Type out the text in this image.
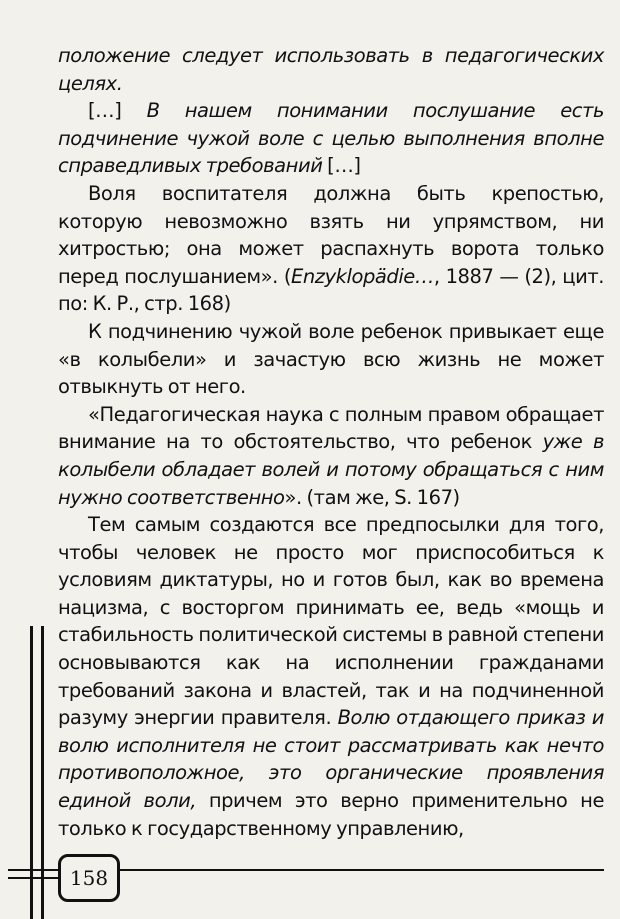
положение следует использовать в педагогических целях.

[…] В нашем понимании послушание есть подчинение чужой воле с целью выполнения вполне справедливых требований […]

Воля воспитателя должна быть крепостью, которую невозможно взять ни упрямством, ни хитростью; она может распахнуть ворота только перед послушанием». (Enzyklopädie…, 1887 — (2), цит. по: К. Р., стр. 168)

К подчинению чужой воле ребенок привыкает еще «в колыбели» и зачастую всю жизнь не может отвыкнуть от него.

«Педагогическая наука с полным правом обращает внимание на то обстоятельство, что ребенок уже в колыбели обладает волей и потому обращаться с ним нужно соответственно». (там же, S. 167)

Тем самым создаются все предпосылки для того, чтобы человек не просто мог приспособиться к условиям диктатуры, но и готов был, как во времена нацизма, с восторгом принимать ее, ведь «мощь и стабильность политической системы в равной степени основываются как на исполнении гражданами требований закона и властей, так и на подчиненной разуму энергии правителя. Волю отдающего приказ и волю исполнителя не стоит рассматривать как нечто противоположное, это органические проявления единой воли, причем это верно применительно не только к государственному управлению,

158
